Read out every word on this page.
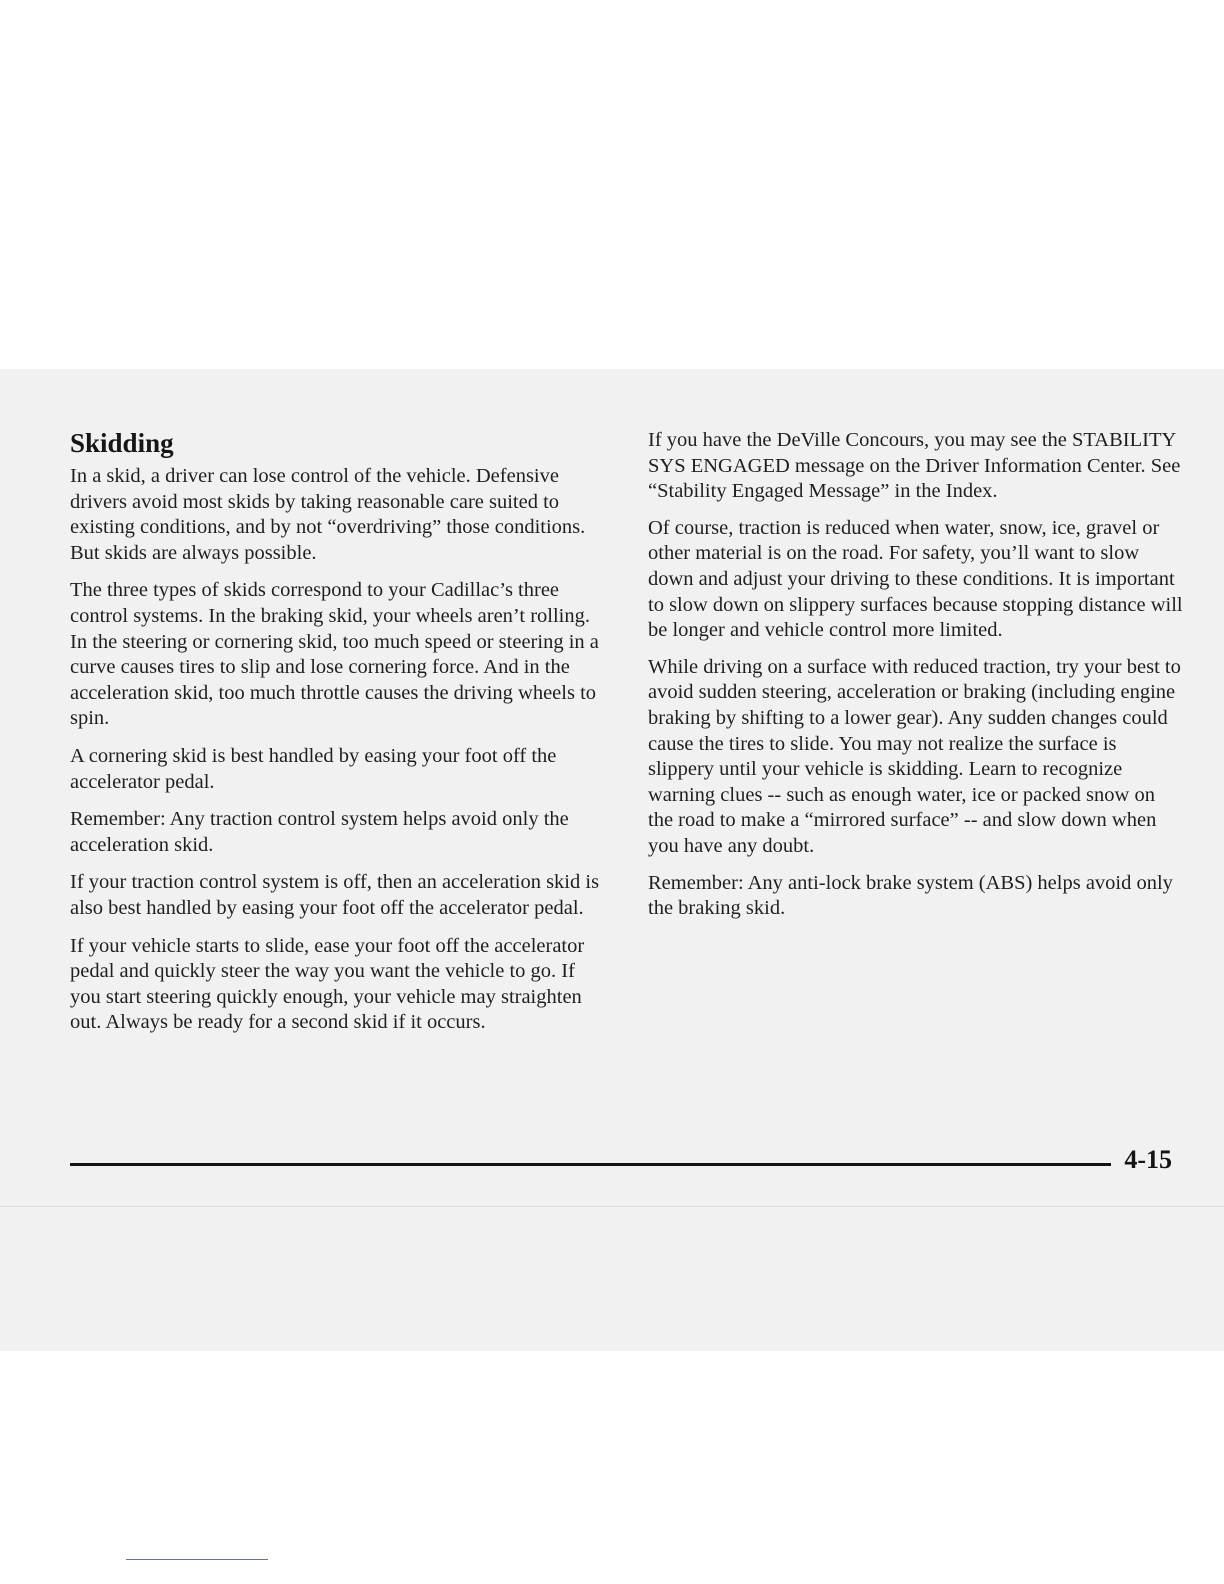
Skidding

In a skid, a driver can lose control of the vehicle. Defensive drivers avoid most skids by taking reasonable care suited to existing conditions, and by not “overdriving” those conditions. But skids are always possible.

The three types of skids correspond to your Cadillac’s three control systems. In the braking skid, your wheels aren’t rolling. In the steering or cornering skid, too much speed or steering in a curve causes tires to slip and lose cornering force. And in the acceleration skid, too much throttle causes the driving wheels to spin.

A cornering skid is best handled by easing your foot off the accelerator pedal.

Remember: Any traction control system helps avoid only the acceleration skid.

If your traction control system is off, then an acceleration skid is also best handled by easing your foot off the accelerator pedal.

If your vehicle starts to slide, ease your foot off the accelerator pedal and quickly steer the way you want the vehicle to go. If you start steering quickly enough, your vehicle may straighten out. Always be ready for a second skid if it occurs.

If you have the DeVille Concours, you may see the STABILITY SYS ENGAGED message on the Driver Information Center. See “Stability Engaged Message” in the Index.

Of course, traction is reduced when water, snow, ice, gravel or other material is on the road. For safety, you’ll want to slow down and adjust your driving to these conditions. It is important to slow down on slippery surfaces because stopping distance will be longer and vehicle control more limited.

While driving on a surface with reduced traction, try your best to avoid sudden steering, acceleration or braking (including engine braking by shifting to a lower gear). Any sudden changes could cause the tires to slide. You may not realize the surface is slippery until your vehicle is skidding. Learn to recognize warning clues -- such as enough water, ice or packed snow on the road to make a “mirrored surface” -- and slow down when you have any doubt.

Remember: Any anti-lock brake system (ABS) helps avoid only the braking skid.

4-15
